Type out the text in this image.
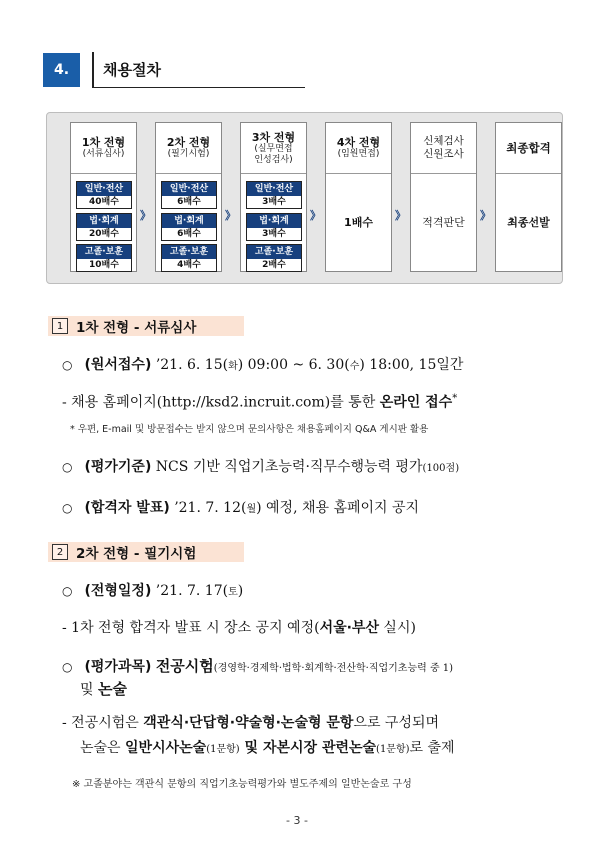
4.	채용절차
1차 전형
(서류심사)
일반·전산
40배수
법·회계
20배수
고졸·보훈
10배수
》
2차 전형
(필기시험)
일반·전산
6배수
법·회계
6배수
고졸·보훈
4배수
》
3차 전형
(실무면접
인성검사)
일반·전산
3배수
법·회계
3배수
고졸·보훈
2배수
》
4차 전형
(임원면접)
1배수
》
신체검사
신원조사
적격판단
》
최종합격
최종선발
1 1차 전형 - 서류심사
○ (원서접수) ’21. 6. 15(화) 09:00 ~ 6. 30(수) 18:00, 15일간
- 채용 홈페이지(http://ksd2.incruit.com)를 통한 온라인 접수*
* 우편, E-mail 및 방문접수는 받지 않으며 문의사항은 채용홈페이지 Q&A 게시판 활용
○ (평가기준) NCS 기반 직업기초능력·직무수행능력 평가(100점)
○ (합격자 발표) ’21. 7. 12(월) 예정, 채용 홈페이지 공지
2 2차 전형 - 필기시험
○ (전형일정) ’21. 7. 17(토)
- 1차 전형 합격자 발표 시 장소 공지 예정(서울·부산 실시)
○ (평가과목) 전공시험(경영학·경제학·법학·회계학·전산학·직업기초능력 중 1)
및 논술
- 전공시험은 객관식·단답형·약술형·논술형 문항으로 구성되며
논술은 일반시사논술(1문항) 및 자본시장 관련논술(1문항)로 출제
※ 고졸분야는 객관식 문항의 직업기초능력평가와 별도주제의 일반논술로 구성
- 3 -
